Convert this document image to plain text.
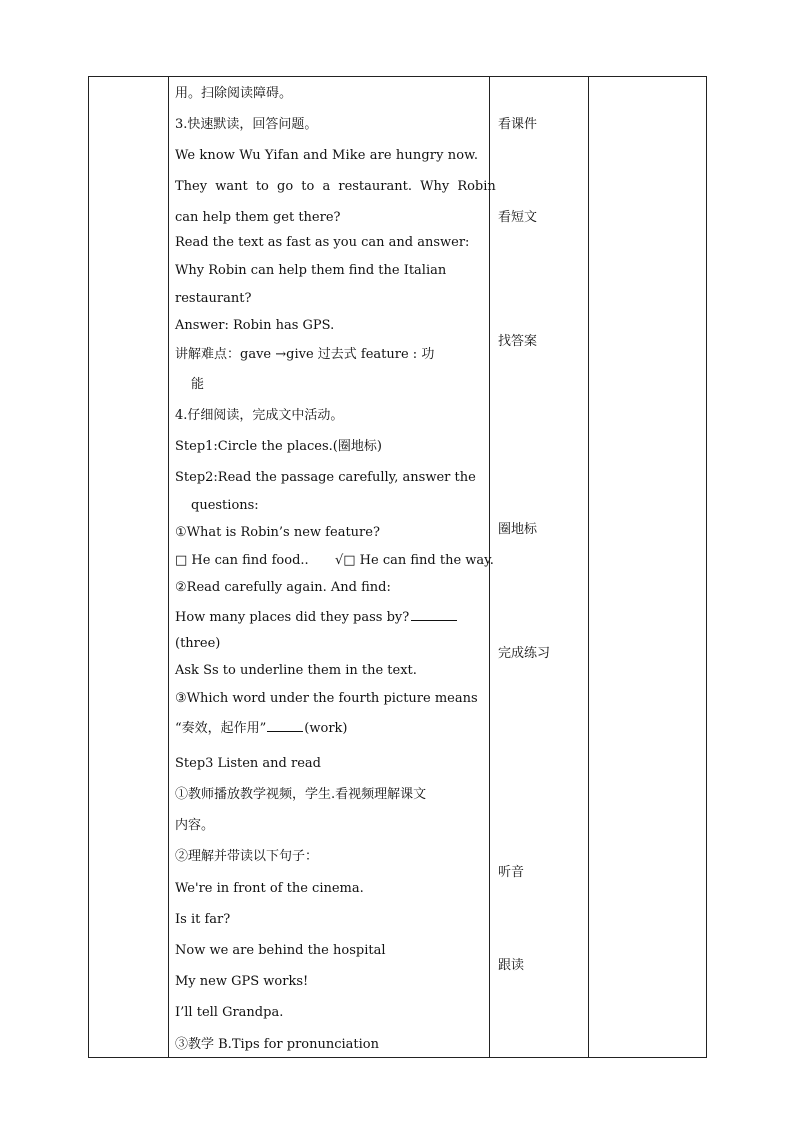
用。扫除阅读障碍。
3.快速默读，回答问题。
We know Wu Yifan and Mike are hungry now.
They want to go to a restaurant. Why Robin
can help them get there?
Read the text as fast as you can and answer:
Why Robin can help them find the Italian
restaurant?
Answer: Robin has GPS.
讲解难点：gave →give 过去式 feature : 功
能
4.仔细阅读，完成文中活动。
Step1:Circle the places.(圈地标)
Step2:Read the passage carefully, answer the
questions:
①What is Robin’s new feature?
□ He can find food.. √□ He can find the way.
②Read carefully again. And find:
How many places did they pass by?
(three)
Ask Ss to underline them in the text.
③Which word under the fourth picture means
“奏效，起作用”	(work)
Step3 Listen and read
①教师播放教学视频，学生.看视频理解课文
内容。
②理解并带读以下句子：
We're in front of the cinema.
Is it far?
Now we are behind the hospital
My new GPS works!
I’ll tell Grandpa.
③教学 B.Tips for pronunciation
看课件
看短文
找答案
圈地标
完成练习
听音
跟读
